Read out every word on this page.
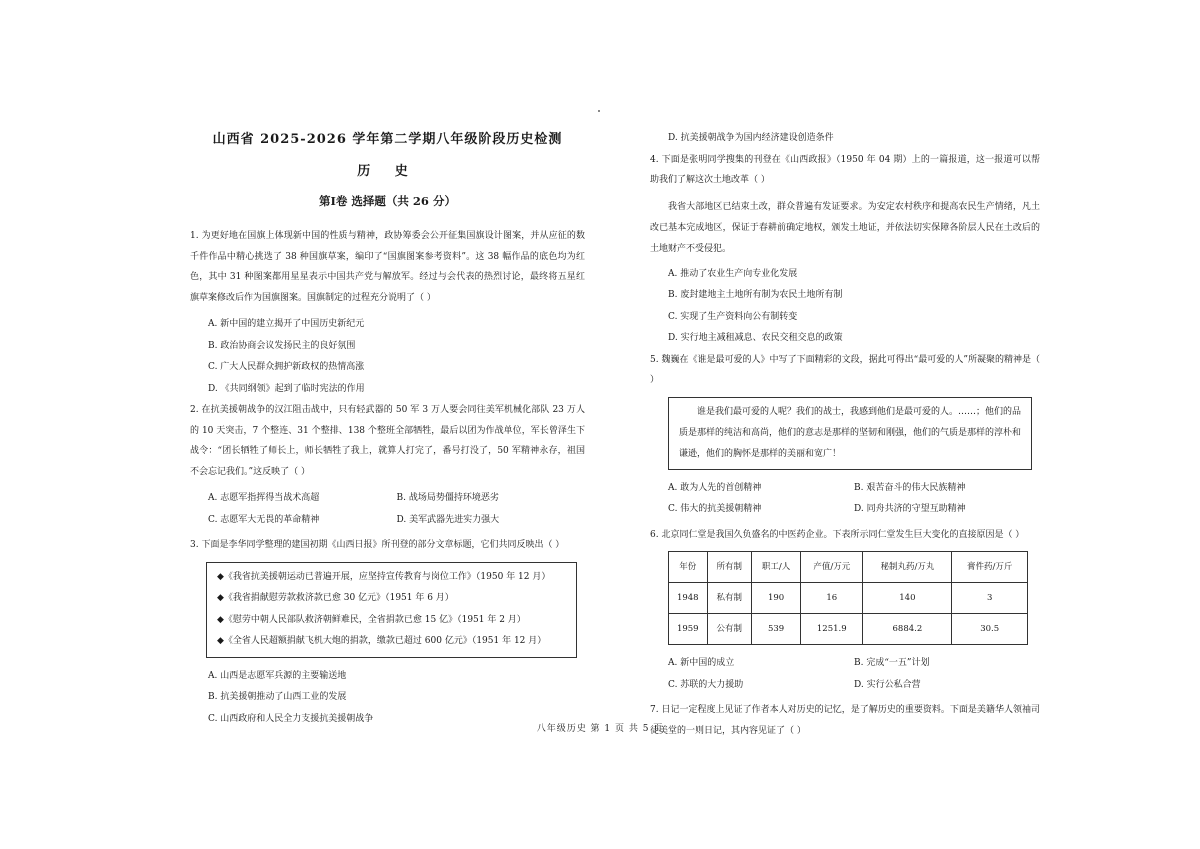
山西省 2025-2026 学年第二学期八年级阶段历史检测
历 史
第Ⅰ卷 选择题（共 26 分）
1. 为更好地在国旗上体现新中国的性质与精神，政协筹委会公开征集国旗设计图案，并从应征的数千件作品中精心挑选了 38 种国旗草案，编印了“国旗图案参考资料”。这 38 幅作品的底色均为红色，其中 31 种图案都用星星表示中国共产党与解放军。经过与会代表的热烈讨论，最终将五星红旗草案修改后作为国旗图案。国旗制定的过程充分说明了（ ）
A. 新中国的建立揭开了中国历史新纪元
B. 政治协商会议发扬民主的良好氛围
C. 广大人民群众拥护新政权的热情高涨
D. 《共同纲领》起到了临时宪法的作用
2. 在抗美援朝战争的汉江阻击战中，只有轻武器的 50 军 3 万人要会同往美军机械化部队 23 万人的 10 天突击，7 个整连、31 个整排、138 个整班全部牺牲，最后以团为作战单位，军长曾泽生下战令：“团长牺牲了师长上，师长牺牲了我上，就算人打完了，番号打没了，50 军精神永存，祖国不会忘记我们。”这反映了（ ）
A. 志愿军指挥得当战术高超	B. 战场局势僵持环境恶劣
C. 志愿军大无畏的革命精神	D. 美军武器先进实力强大
3. 下面是李华同学整理的建国初期《山西日报》所刊登的部分文章标题，它们共同反映出（ ）
◆《我省抗美援朝运动已普遍开展，应坚持宣传教育与岗位工作》（1950 年 12 月）
◆《我省捐献慰劳款救济款已愈 30 亿元》（1951 年 6 月）
◆《慰劳中朝人民部队救济朝鲜难民，全省捐款已愈 15 亿》（1951 年 2 月）
◆《全省人民超额捐献飞机大炮的捐款，缴款已超过 600 亿元》（1951 年 12 月）
A. 山西是志愿军兵源的主要输送地
B. 抗美援朝推动了山西工业的发展
C. 山西政府和人民全力支援抗美援朝战争
D. 抗美援朝战争为国内经济建设创造条件
4. 下面是张明同学搜集的刊登在《山西政报》（1950 年 04 期）上的一篇报道，这一报道可以帮助我们了解这次土地改革（ ）
我省大部地区已结束土改，群众普遍有发证要求。为安定农村秩序和提高农民生产情绪，凡土改已基本完成地区，保证于春耕前确定地权，颁发土地证，并依法切实保障各阶层人民在土改后的土地财产不受侵犯。
A. 推动了农业生产向专业化发展
B. 废封建地主土地所有制为农民土地所有制
C. 实现了生产资料向公有制转变
D. 实行地主减租减息、农民交租交息的政策
5. 魏巍在《谁是最可爱的人》中写了下面精彩的文段，据此可得出“最可爱的人”所凝聚的精神是（ ）
谁是我们最可爱的人呢？我们的战士，我感到他们是最可爱的人。……；他们的品质是那样的纯洁和高尚，他们的意志是那样的坚韧和刚强，他们的气质是那样的淳朴和谦逊，他们的胸怀是那样的美丽和宽广！
A. 敢为人先的首创精神	B. 艰苦奋斗的伟大民族精神
C. 伟大的抗美援朝精神	D. 同舟共济的守望互助精神
6. 北京同仁堂是我国久负盛名的中医药企业。下表所示同仁堂发生巨大变化的直接原因是（ ）
年份	所有制	职工/人	产值/万元	秘制丸药/万丸	膏件药/万斤
1948	私有制	190	16	140	3
1959	公有制	539	1251.9	6884.2	30.5
A. 新中国的成立	B. 完成“一五”计划
C. 苏联的大力援助	D. 实行公私合营
7. 日记一定程度上见证了作者本人对历史的记忆，是了解历史的重要资料。下面是美籍华人领袖司徒美堂的一则日记，其内容见证了（ ）
八年级历史 第 1 页 共 5 页
